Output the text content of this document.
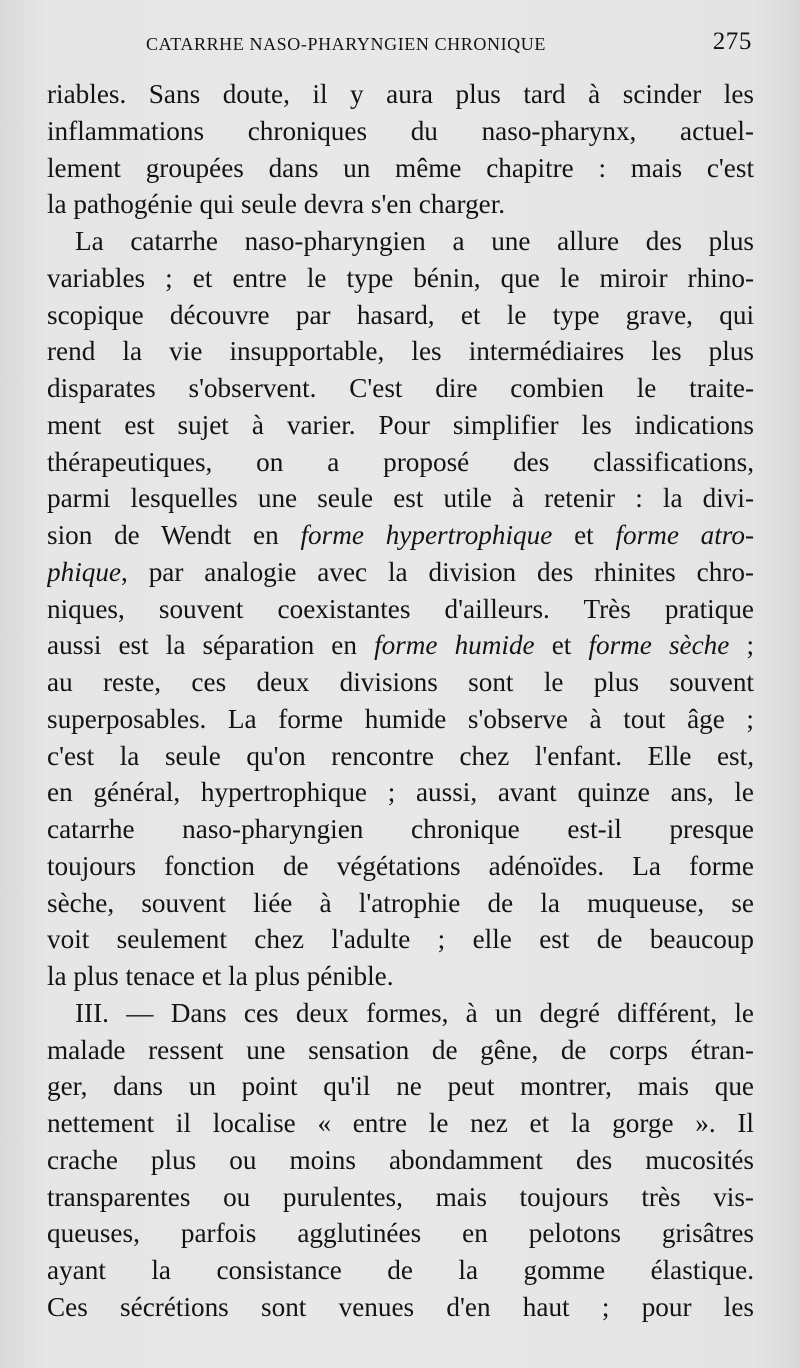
CATARRHE NASO-PHARYNGIEN CHRONIQUE	275
riables. Sans doute, il y aura plus tard à scinder les
inflammations chroniques du naso-pharynx, actuel-
lement groupées dans un même chapitre : mais c'est
la pathogénie qui seule devra s'en charger.
La catarrhe naso-pharyngien a une allure des plus
variables ; et entre le type bénin, que le miroir rhino-
scopique découvre par hasard, et le type grave, qui
rend la vie insupportable, les intermédiaires les plus
disparates s'observent. C'est dire combien le traite-
ment est sujet à varier. Pour simplifier les indications
thérapeutiques, on a proposé des classifications,
parmi lesquelles une seule est utile à retenir : la divi-
sion de Wendt en forme hypertrophique et forme atro-
phique, par analogie avec la division des rhinites chro-
niques, souvent coexistantes d'ailleurs. Très pratique
aussi est la séparation en forme humide et forme sèche ;
au reste, ces deux divisions sont le plus souvent
superposables. La forme humide s'observe à tout âge ;
c'est la seule qu'on rencontre chez l'enfant. Elle est,
en général, hypertrophique ; aussi, avant quinze ans, le
catarrhe naso-pharyngien chronique est-il presque
toujours fonction de végétations adénoïdes. La forme
sèche, souvent liée à l'atrophie de la muqueuse, se
voit seulement chez l'adulte ; elle est de beaucoup
la plus tenace et la plus pénible.
III. — Dans ces deux formes, à un degré différent, le
malade ressent une sensation de gêne, de corps étran-
ger, dans un point qu'il ne peut montrer, mais que
nettement il localise « entre le nez et la gorge ». Il
crache plus ou moins abondamment des mucosités
transparentes ou purulentes, mais toujours très vis-
queuses, parfois agglutinées en pelotons grisâtres
ayant la consistance de la gomme élastique.
Ces sécrétions sont venues d'en haut ; pour les
